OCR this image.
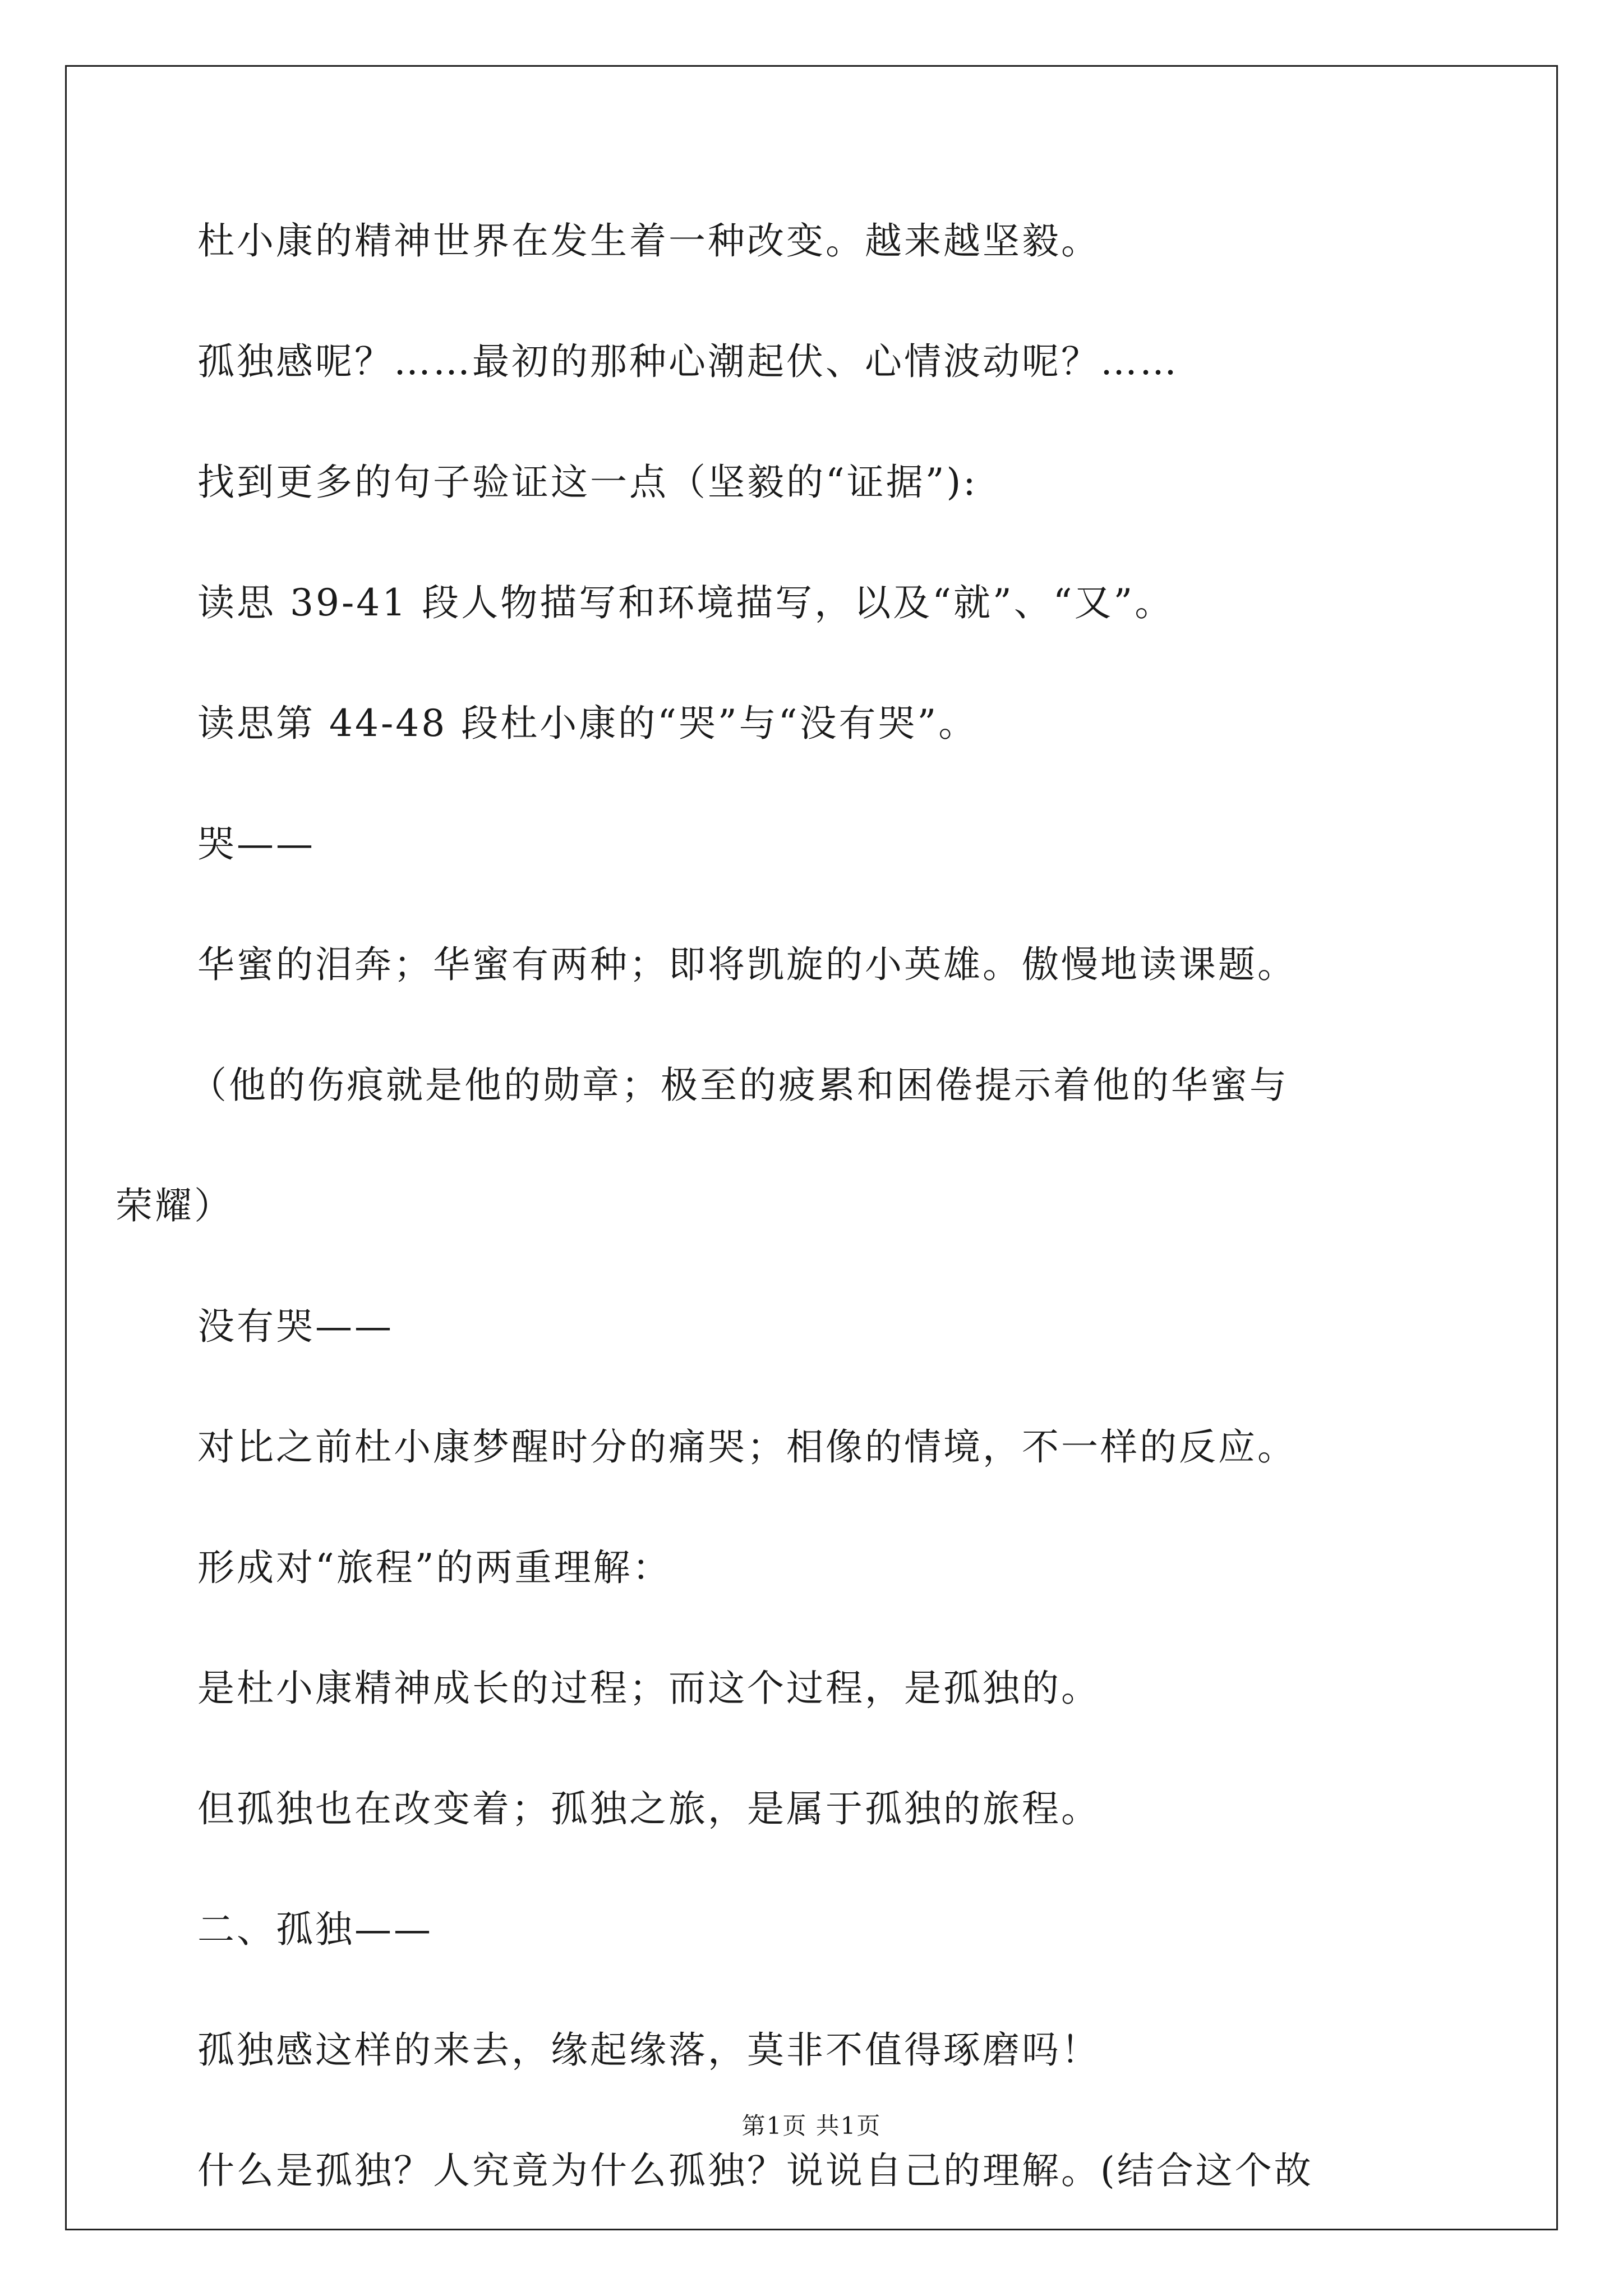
杜小康的精神世界在发生着一种改变。越来越坚毅。
孤独感呢？……最初的那种心潮起伏、心情波动呢？……
找到更多的句子验证这一点（坚毅的“证据”):
读思 39-41 段人物描写和环境描写，以及“就”、“又”。
读思第 44-48 段杜小康的“哭”与“没有哭”。
哭——
华蜜的泪奔；华蜜有两种；即将凯旋的小英雄。傲慢地读课题。
（他的伤痕就是他的勋章；极至的疲累和困倦提示着他的华蜜与
荣耀）
没有哭——
对比之前杜小康梦醒时分的痛哭；相像的情境，不一样的反应。
形成对“旅程”的两重理解：
是杜小康精神成长的过程；而这个过程，是孤独的。
但孤独也在改变着；孤独之旅，是属于孤独的旅程。
二、孤独——
孤独感这样的来去，缘起缘落，莫非不值得琢磨吗！
什么是孤独？人究竟为什么孤独？说说自己的理解。(结合这个故
第1页 共1页
